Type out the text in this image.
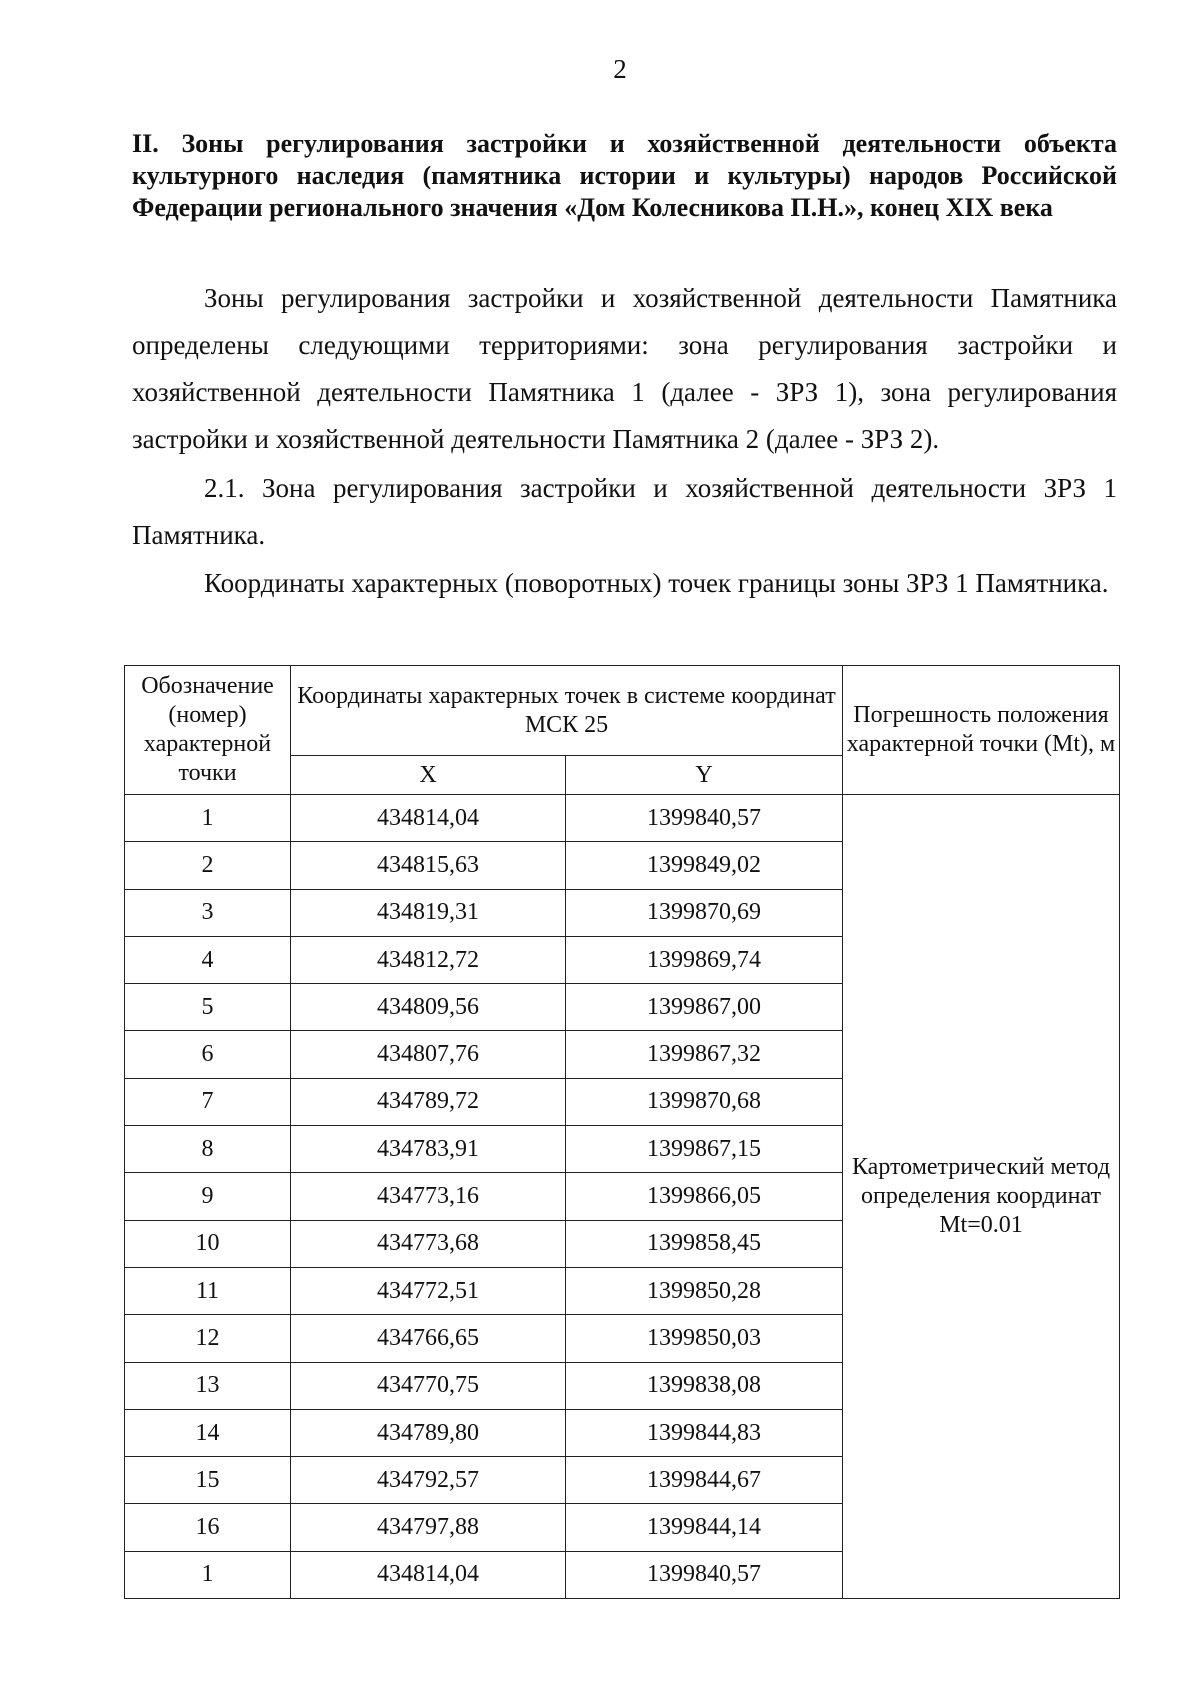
2
II. Зоны регулирования застройки и хозяйственной деятельности объекта культурного наследия (памятника истории и культуры) народов Российской Федерации регионального значения «Дом Колесникова П.Н.», конец XIX века
Зоны регулирования застройки и хозяйственной деятельности Памятника определены следующими территориями: зона регулирования застройки и хозяйственной деятельности Памятника 1 (далее - ЗРЗ 1), зона регулирования застройки и хозяйственной деятельности Памятника 2 (далее - ЗРЗ 2).
2.1. Зона регулирования застройки и хозяйственной деятельности ЗРЗ 1 Памятника.
Координаты характерных (поворотных) точек границы зоны ЗРЗ 1 Памятника.
Обозначение (номер) характерной точки	Координаты характерных точек в системе координат МСК 25		Погрешность положения характерной точки (Mt), м
	X	Y	
1	434814,04	1399840,57	Картометрический метод определения координат Mt=0.01
2	434815,63	1399849,02	
3	434819,31	1399870,69	
4	434812,72	1399869,74	
5	434809,56	1399867,00	
6	434807,76	1399867,32	
7	434789,72	1399870,68	
8	434783,91	1399867,15	
9	434773,16	1399866,05	
10	434773,68	1399858,45	
11	434772,51	1399850,28	
12	434766,65	1399850,03	
13	434770,75	1399838,08	
14	434789,80	1399844,83	
15	434792,57	1399844,67	
16	434797,88	1399844,14	
1	434814,04	1399840,57	
